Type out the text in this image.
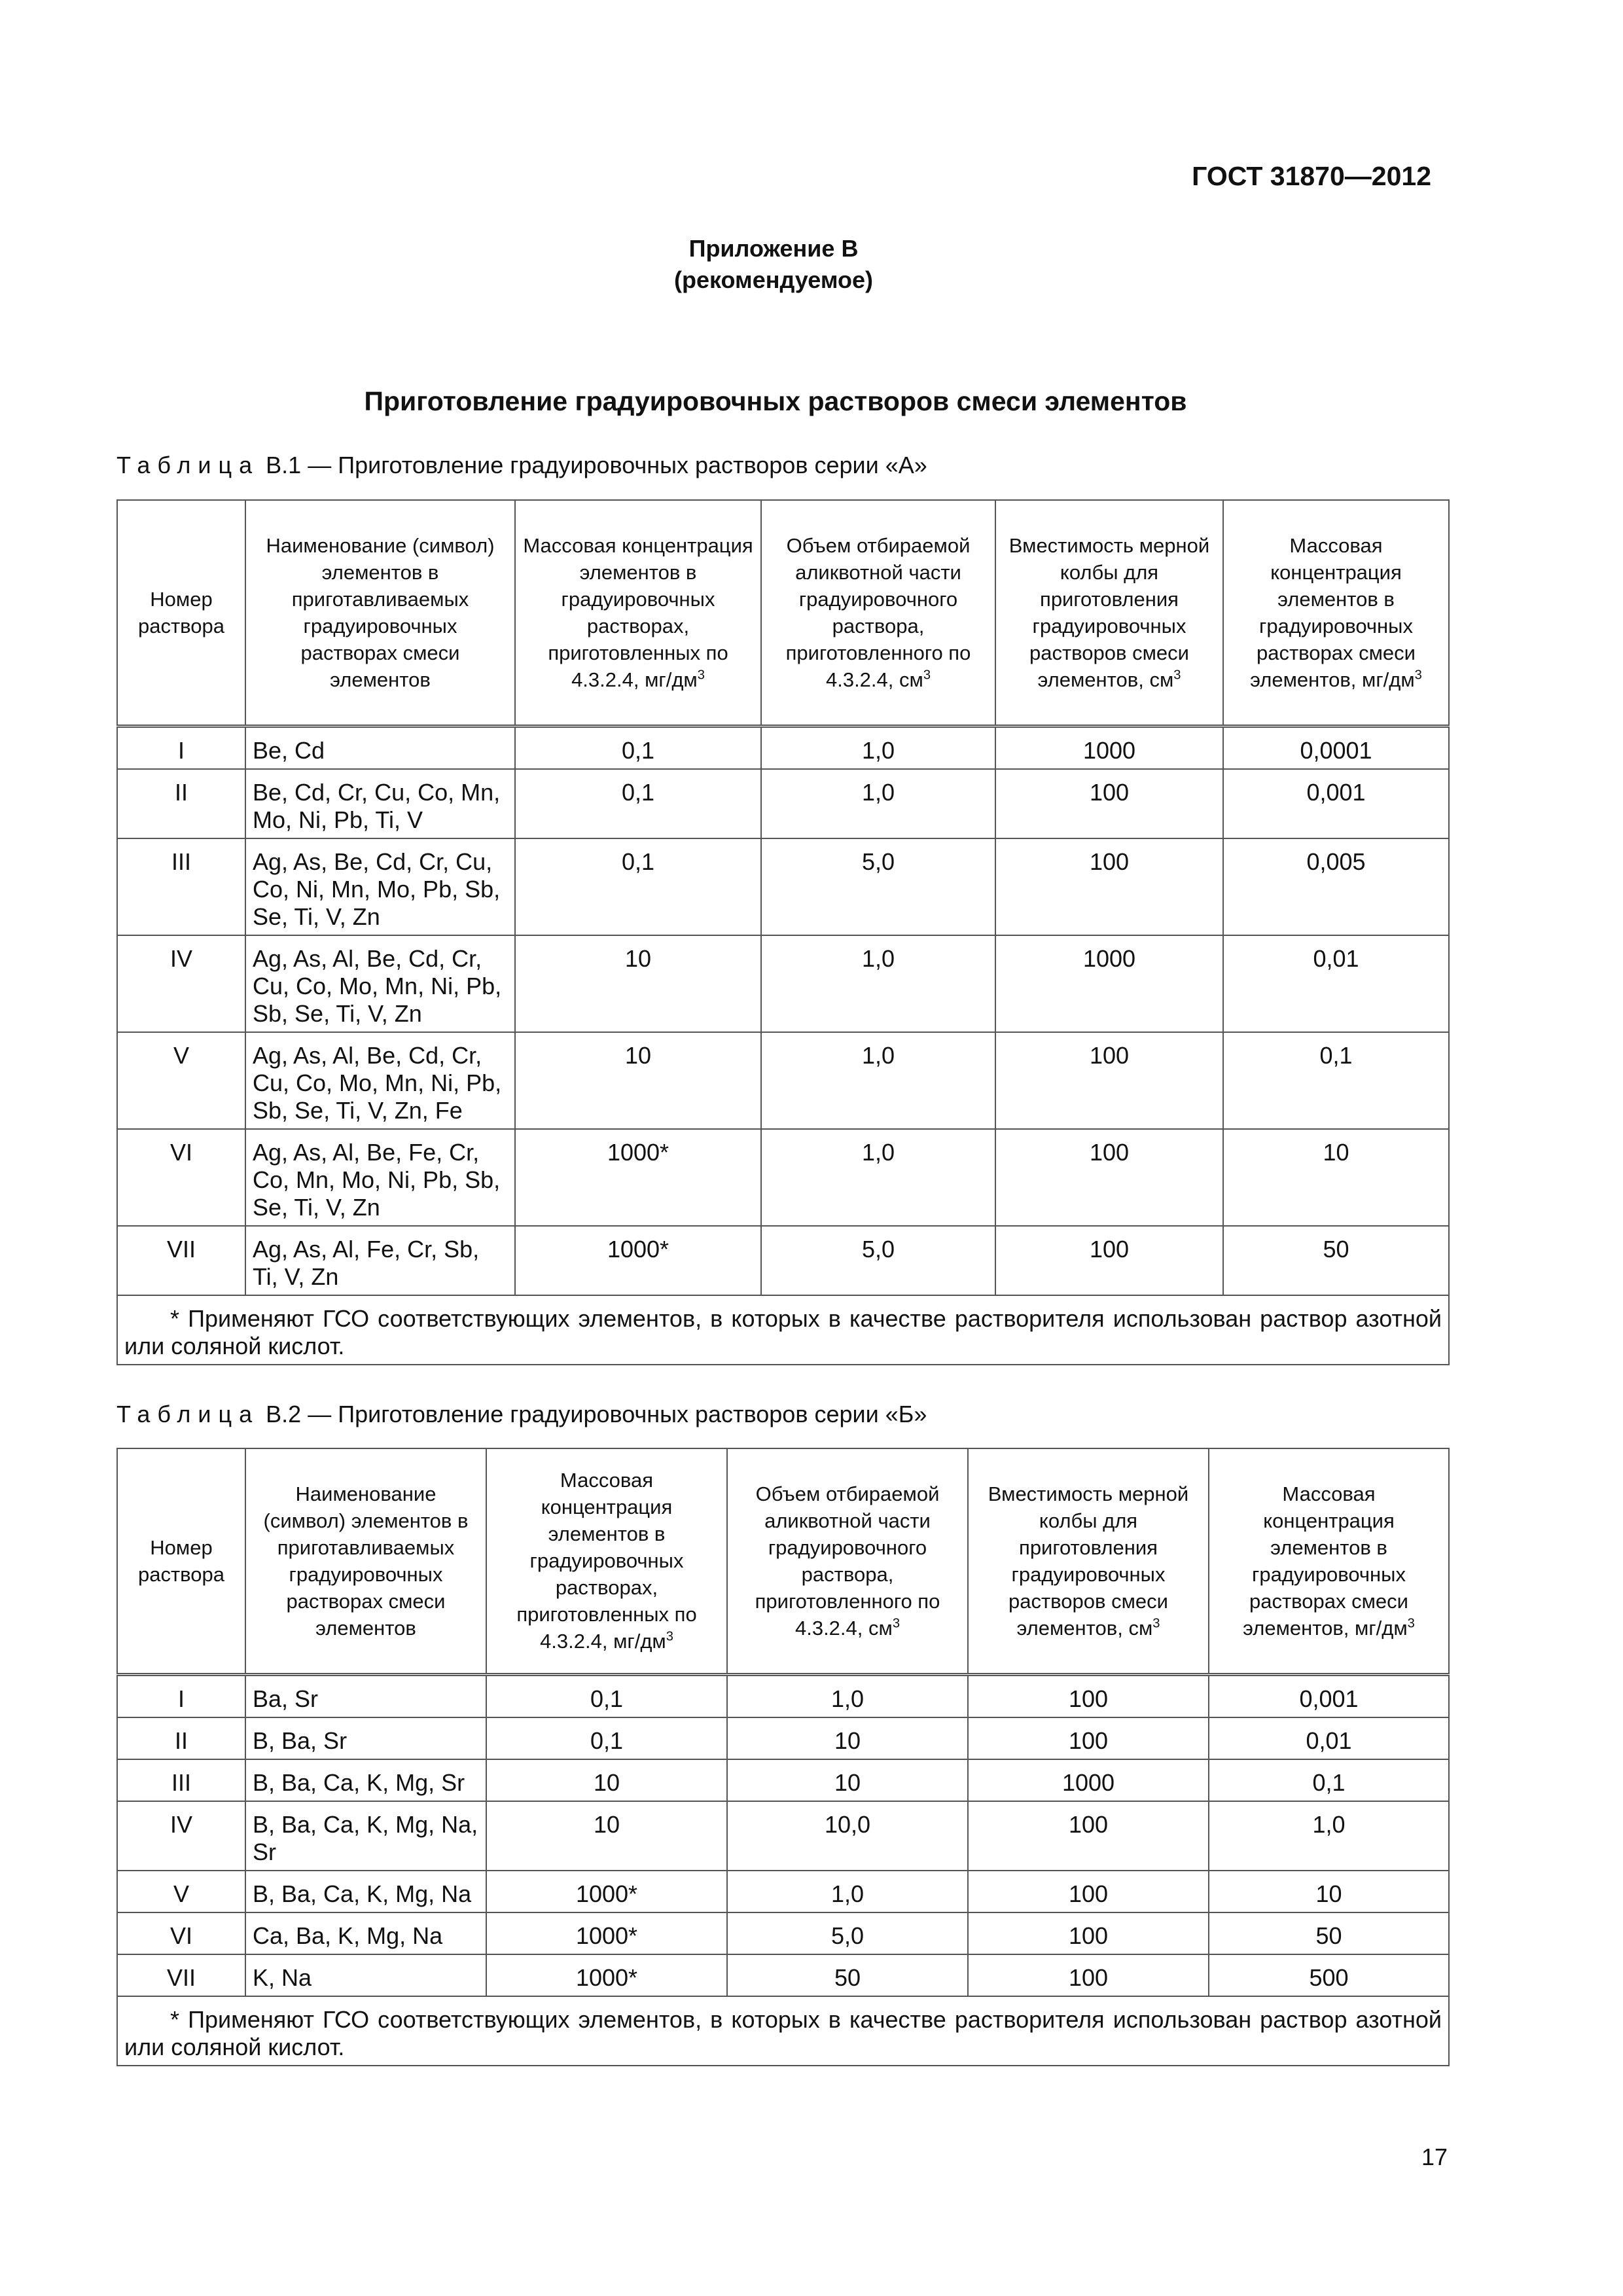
ГОСТ 31870—2012
Приложение В
(рекомендуемое)
Приготовление градуировочных растворов смеси элементов
Таблица В.1 — Приготовление градуировочных растворов серии «А»
Номер раствора	Наименование (символ) элементов в приготавливаемых градуировочных растворах смеси элементов	Массовая концентрация элементов в градуировочных растворах, приготовленных по 4.3.2.4, $мг/дм^3$	Объем отбираемой аликвотной части градуировочного раствора, приготовленного по 4.3.2.4, $см^3$	Вместимость мерной колбы для приготовления градуировочных растворов смеси элементов, $см^3$	Массовая концентрация элементов в градуировочных растворах смеси элементов, $мг/дм^3$
I	Be, Cd	0,1	1,0	1000	0,0001
II	Be, Cd, Cr, Cu, Co, Mn, Mo, Ni, Pb, Ti, V	0,1	1,0	100	0,001
III	Ag, As, Be, Cd, Cr, Cu, Co, Ni, Mn, Mo, Pb, Sb, Se, Ti, V, Zn	0,1	5,0	100	0,005
IV	Ag, As, Al, Be, Cd, Cr, Cu, Co, Mo, Mn, Ni, Pb, Sb, Se, Ti, V, Zn	10	1,0	1000	0,01
V	Ag, As, Al, Be, Cd, Cr, Cu, Co, Mo, Mn, Ni, Pb, Sb, Se, Ti, V, Zn, Fe	10	1,0	100	0,1
VI	Ag, As, Al, Be, Fe, Cr, Co, Mn, Mo, Ni, Pb, Sb, Se, Ti, V, Zn	1000*	1,0	100	10
VII	Ag, As, Al, Fe, Cr, Sb, Ti, V, Zn	1000*	5,0	100	50
* Применяют ГСО соответствующих элементов, в которых в качестве растворителя использован раствор азотной или соляной кислот.					
Таблица В.2 — Приготовление градуировочных растворов серии «Б»
Номер раствора	Наименование (символ) элементов в приготавливаемых градуировочных растворах смеси элементов	Массовая концентрация элементов в градуировочных растворах, приготовленных по 4.3.2.4, $мг/дм^3$	Объем отбираемой аликвотной части градуировочного раствора, приготовленного по 4.3.2.4, $см^3$	Вместимость мерной колбы для приготовления градуировочных растворов смеси элементов, $см^3$	Массовая концентрация элементов в градуировочных растворах смеси элементов, $мг/дм^3$
I	Ba, Sr	0,1	1,0	100	0,001
II	B, Ba, Sr	0,1	10	100	0,01
III	B, Ba, Ca, K, Mg, Sr	10	10	1000	0,1
IV	B, Ba, Ca, K, Mg, Na, Sr	10	10,0	100	1,0
V	B, Ba, Ca, K, Mg, Na	1000*	1,0	100	10
VI	Ca, Ba, K, Mg, Na	1000*	5,0	100	50
VII	K, Na	1000*	50	100	500
* Применяют ГСО соответствующих элементов, в которых в качестве растворителя использован раствор азотной или соляной кислот.					
17
